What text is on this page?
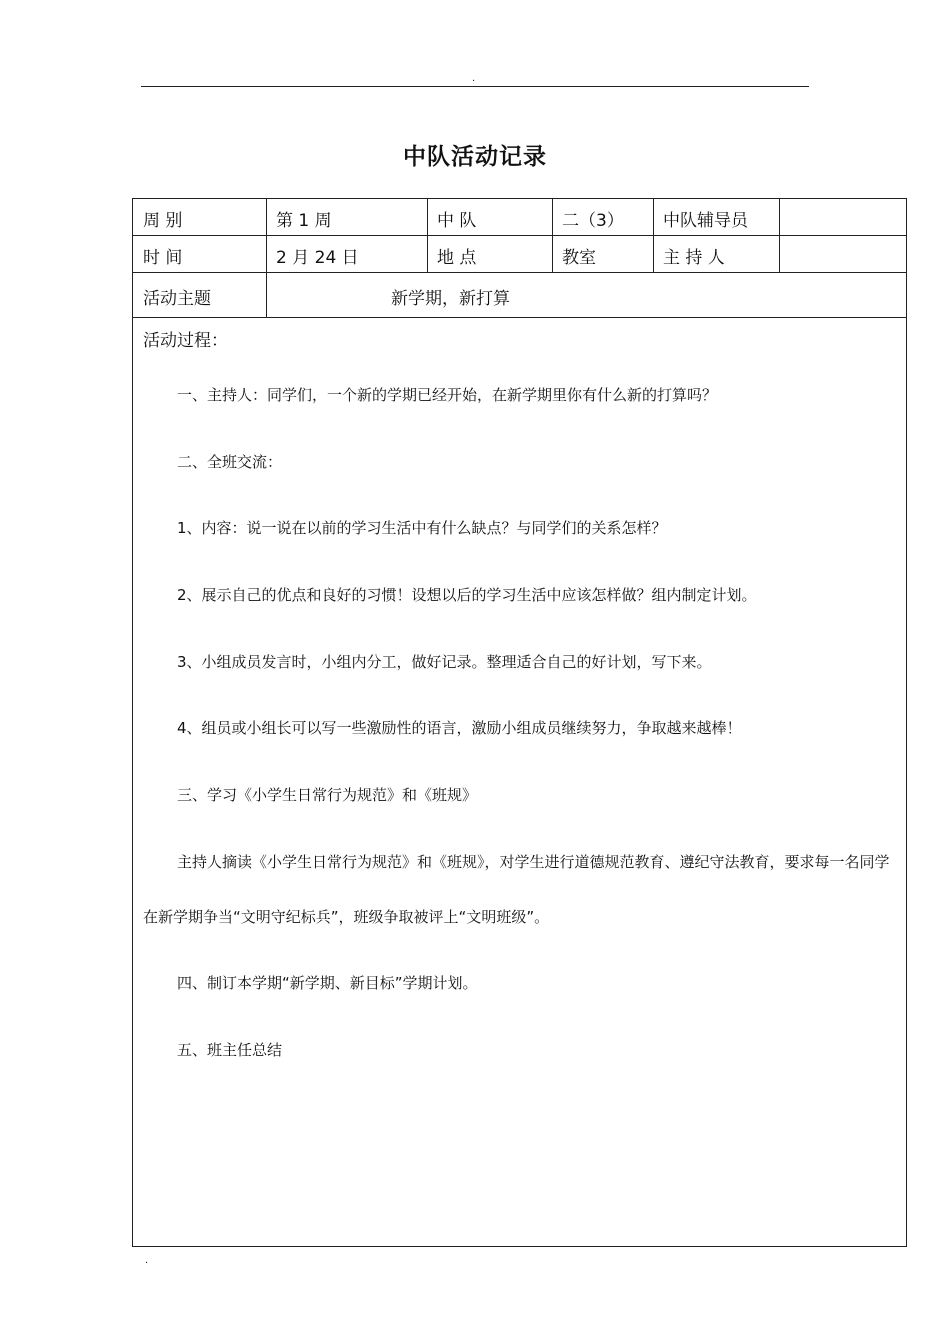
.
中队活动记录
周 别	第 1 周	中 队	二（3）	中队辅导员
时 间	2 月 24 日	地 点	教室	主 持 人
活动主题	新学期，新打算
活动过程：
一、主持人：同学们，一个新的学期已经开始，在新学期里你有什么新的打算吗？
二、全班交流：
1、内容：说一说在以前的学习生活中有什么缺点？与同学们的关系怎样？
2、展示自己的优点和良好的习惯！设想以后的学习生活中应该怎样做？组内制定计划。
3、小组成员发言时，小组内分工，做好记录。整理适合自己的好计划，写下来。
4、组员或小组长可以写一些激励性的语言，激励小组成员继续努力，争取越来越棒！
三、学习《小学生日常行为规范》和《班规》
主持人摘读《小学生日常行为规范》和《班规》，对学生进行道德规范教育、遵纪守法教育，要求每一名同学在新学期争当“文明守纪标兵”，班级争取被评上“文明班级”。
四、制订本学期“新学期、新目标”学期计划。
五、班主任总结
.
